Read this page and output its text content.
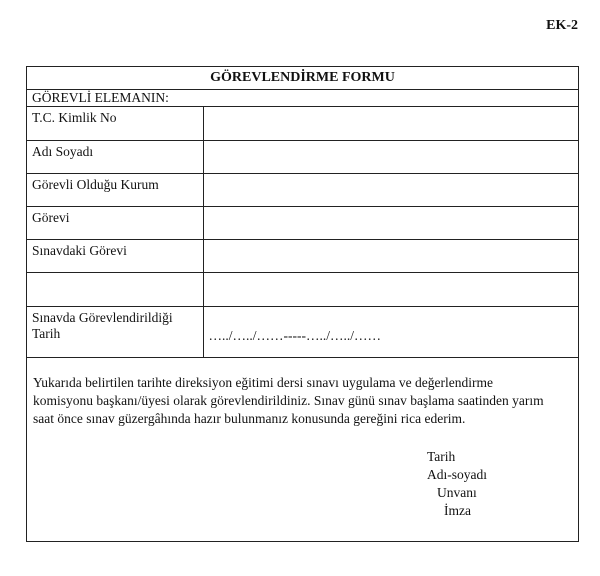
EK-2
GÖREVLENDİRME FORMU
GÖREVLİ ELEMANIN:
T.C. Kimlik No	
Adı Soyadı	
Görevli Olduğu Kurum	
Görevi	
Sınavdaki Görevi	

Sınavda Görevlendirildiği Tarih	…../…../……-----…../…../……
Yukarıda belirtilen tarihte direksiyon eğitimi dersi sınavı uygulama ve değerlendirme komisyonu başkanı/üyesi olarak görevlendirildiniz. Sınav günü sınav başlama saatinden yarım saat önce sınav güzergâhında hazır bulunmanız konusunda gereğini rica ederim.
Tarih
Adı-soyadı
Unvanı
İmza
